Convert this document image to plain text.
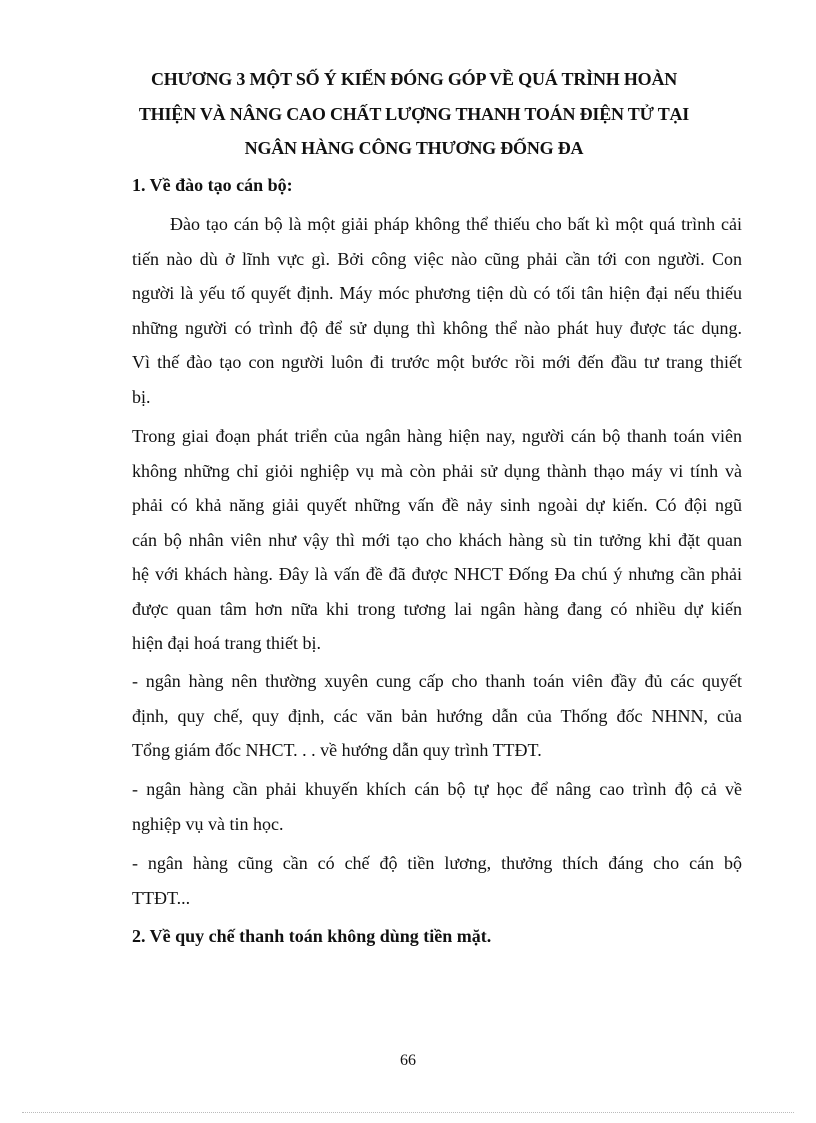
CHƯƠNG 3 MỘT SỐ Ý KIẾN ĐÓNG GÓP VỀ QUÁ TRÌNH HOÀN
THIỆN VÀ NÂNG CAO CHẤT LƯỢNG THANH TOÁN ĐIỆN TỬ TẠI
NGÂN HÀNG CÔNG THƯƠNG ĐỐNG ĐA
1. Về đào tạo cán bộ:
Đào tạo cán bộ là một giải pháp không thể thiếu cho bất kì một quá trình cải
tiến nào dù ở lĩnh vực gì. Bởi công việc nào cũng phải cần tới con người. Con
người là yếu tố quyết định. Máy móc phương tiện dù có tối tân hiện đại nếu thiếu
những người có trình độ để sử dụng thì không thể nào phát huy được tác dụng.
Vì thế đào tạo con người luôn đi trước một bước rồi mới đến đầu tư trang thiết
bị.
Trong giai đoạn phát triển của ngân hàng hiện nay, người cán bộ thanh toán viên
không những chỉ giỏi nghiệp vụ mà còn phải sử dụng thành thạo máy vi tính và
phải có khả năng giải quyết những vấn đề nảy sinh ngoài dự kiến. Có đội ngũ
cán bộ nhân viên như vậy thì mới tạo cho khách hàng sù tin tưởng khi đặt quan
hệ với khách hàng. Đây là vấn đề đã được NHCT Đống Đa chú ý nhưng cần phải
được quan tâm hơn nữa khi trong tương lai ngân hàng đang có nhiều dự kiến
hiện đại hoá trang thiết bị.
- ngân hàng nên thường xuyên cung cấp cho thanh toán viên đầy đủ các quyết
định, quy chế, quy định, các văn bản hướng dẫn của Thống đốc NHNN, của
Tổng giám đốc NHCT. . . về hướng dẫn quy trình TTĐT.
- ngân hàng cần phải khuyến khích cán bộ tự học để nâng cao trình độ cả về
nghiệp vụ và tin học.
- ngân hàng cũng cần có chế độ tiền lương, thưởng thích đáng cho cán bộ
TTĐT...
2. Về quy chế thanh toán không dùng tiền mặt.
66
